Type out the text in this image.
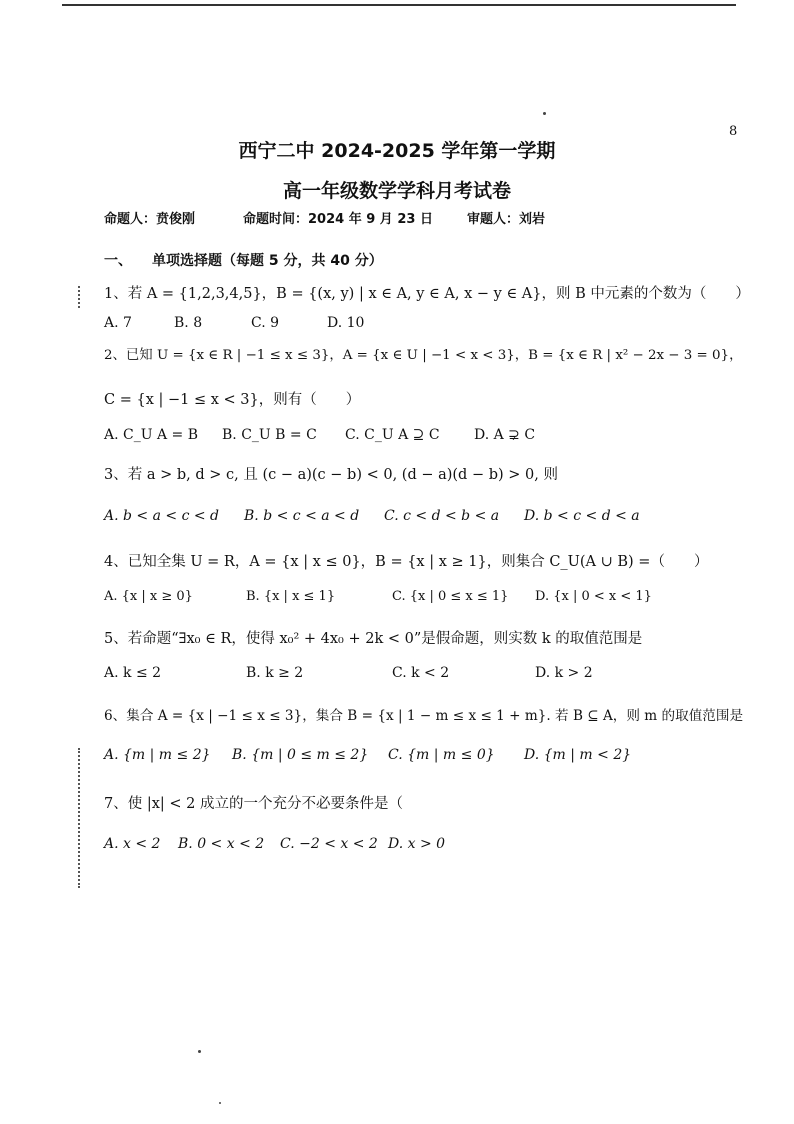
8
西宁二中 2024-2025 学年第一学期
高一年级数学学科月考试卷
命题人：贲俊刚	命题时间：2024 年 9 月 23 日	审题人：刘岩
一、 单项选择题（每题 5 分，共 40 分）
1、若 A = {1,2,3,4,5}，B = {(x, y) | x ∈ A, y ∈ A, x − y ∈ A}，则 B 中元素的个数为（　　）
A. 7	B. 8	C. 9	D. 10
2、已知 U = {x ∈ R | −1 ≤ x ≤ 3}，A = {x ∈ U | −1 < x < 3}，B = {x ∈ R | x² − 2x − 3 = 0}，
C = {x | −1 ≤ x < 3}，则有（　　）
A. C_U A = B B. C_U B = C C. C_U A ⊇ C D. A ⊋ C
3、若 a > b, d > c, 且 (c − a)(c − b) < 0, (d − a)(d − b) > 0, 则
A. b < a < c < d B. b < c < a < d C. c < d < b < a D. b < c < d < a
4、已知全集 U = R，A = {x | x ≤ 0}，B = {x | x ≥ 1}，则集合 C_U(A ∪ B) =（　　）
A. {x | x ≥ 0}	B. {x | x ≤ 1}	C. {x | 0 ≤ x ≤ 1} D. {x | 0 < x < 1}
5、若命题“∃x₀ ∈ R，使得 x₀² + 4x₀ + 2k < 0”是假命题，则实数 k 的取值范围是
A. k ≤ 2	B. k ≥ 2	C. k < 2	D. k > 2
6、集合 A = {x | −1 ≤ x ≤ 3}，集合 B = {x | 1 − m ≤ x ≤ 1 + m}. 若 B ⊆ A，则 m 的取值范围是
A. {m | m ≤ 2} B. {m | 0 ≤ m ≤ 2} C. {m | m ≤ 0} D. {m | m < 2}
7、使 |x| < 2 成立的一个充分不必要条件是（
A. x < 2 B. 0 < x < 2 C. −2 < x < 2 D. x > 0
